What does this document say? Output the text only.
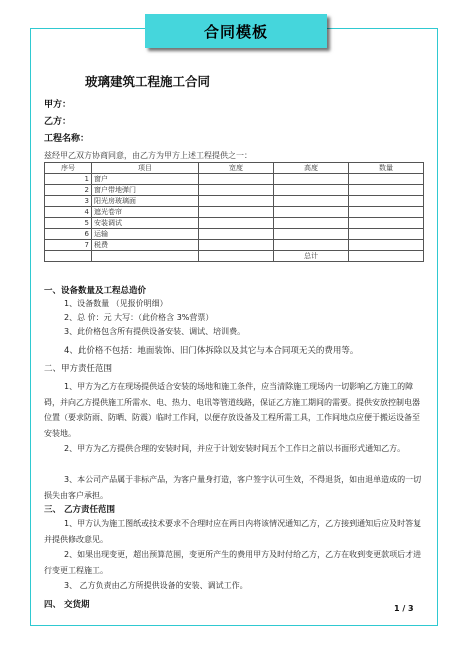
合同模板
玻璃建筑工程施工合同
甲方：
乙方：
工程名称：
兹经甲乙双方协商同意，由乙方为甲方上述工程提供之一：
序号	项目	宽度	高度	数量
1	窗户			
2	窗户带地弹门			
3	阳光房玻璃面			
4	遮光卷帘			
5	安装调试			
6	运输			
7	税费			
			总计	
一、设备数量及工程总造价
1、设备数量 （见报价明细）
2、总 价：元 大写：（此价格含 3%营票）
3、此价格包含所有提供设备安装、调试、培训费。
4、此价格不包括：地面装饰、旧门体拆除以及其它与本合同项无关的费用等。
二、甲方责任范围
1、甲方为乙方在现场提供适合安装的场地和施工条件，应当清除施工现场内一切影响乙方施工的障碍，并向乙方提供施工所需水、电、热力、电讯等管道线路，保证乙方施工期间的需要。提供安放控制电器位置（要求防雨、防晒、防震）临时工作间，以便存放设备及工程所需工具，工作间地点应便于搬运设备至安装地。
2、甲方为乙方提供合理的安装时间，并应于计划安装时间五个工作日之前以书面形式通知乙方。
3、本公司产品属于非标产品，为客户量身打造，客户签字认可生效，不得退货，如由退单造成的一切损失由客户承担。
三、 乙方责任范围
1、甲方认为施工图纸或技术要求不合理时应在两日内将该情况通知乙方，乙方接到通知后应及时答复并提供修改意见。
2、如果出现变更，超出预算范围，变更所产生的费用甲方及时付给乙方，乙方在收到变更款项后才进行变更工程施工。
3、 乙方负责由乙方所提供设备的安装、调试工作。
四、 交货期	1 / 3
